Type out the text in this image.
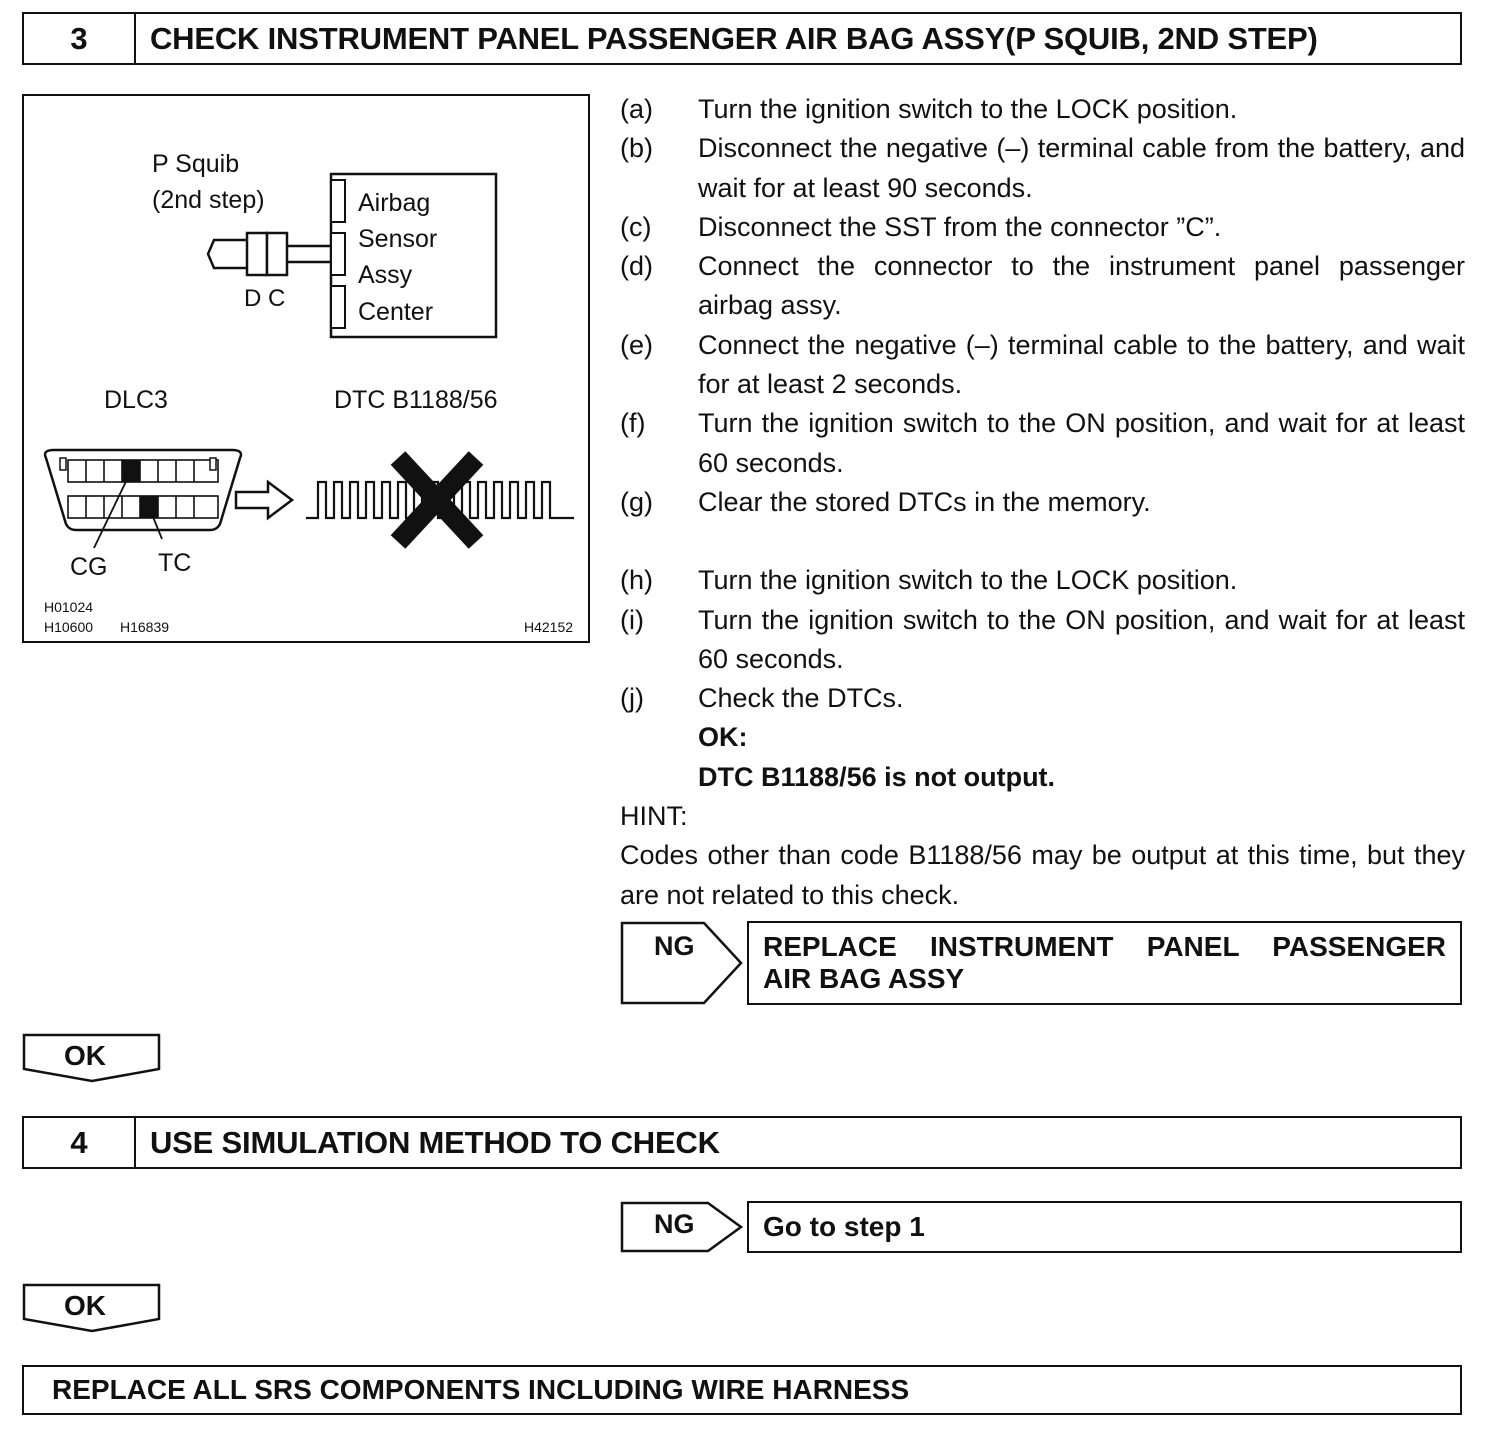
3	CHECK INSTRUMENT PANEL PASSENGER AIR BAG ASSY(P SQUIB, 2ND STEP)
P Squib
(2nd step)	Airbag
Sensor
Assy
Center
D C
DLC3	DTC B1188/56
CG TC
H01024
H10600 H16839	H42152
(a)	Turn the ignition switch to the LOCK position.
(b)	Disconnect the negative (–) terminal cable from the battery, and wait for at least 90 seconds.
(c)	Disconnect the SST from the connector ”C”.
(d)	Connect the connector to the instrument panel passenger airbag assy.
(e)	Connect the negative (–) terminal cable to the battery, and wait for at least 2 seconds.
(f)	Turn the ignition switch to the ON position, and wait for at least 60 seconds.
(g)	Clear the stored DTCs in the memory.
(h)	Turn the ignition switch to the LOCK position.
(i)	Turn the ignition switch to the ON position, and wait for at least 60 seconds.
(j)	Check the DTCs.
OK:
DTC B1188/56 is not output.
HINT:
Codes other than code B1188/56 may be output at this time, but they are not related to this check.
NG REPLACE INSTRUMENT PANEL PASSENGER
AIR BAG ASSY
OK
4	USE SIMULATION METHOD TO CHECK
NG	Go to step 1
OK
REPLACE ALL SRS COMPONENTS INCLUDING WIRE HARNESS
